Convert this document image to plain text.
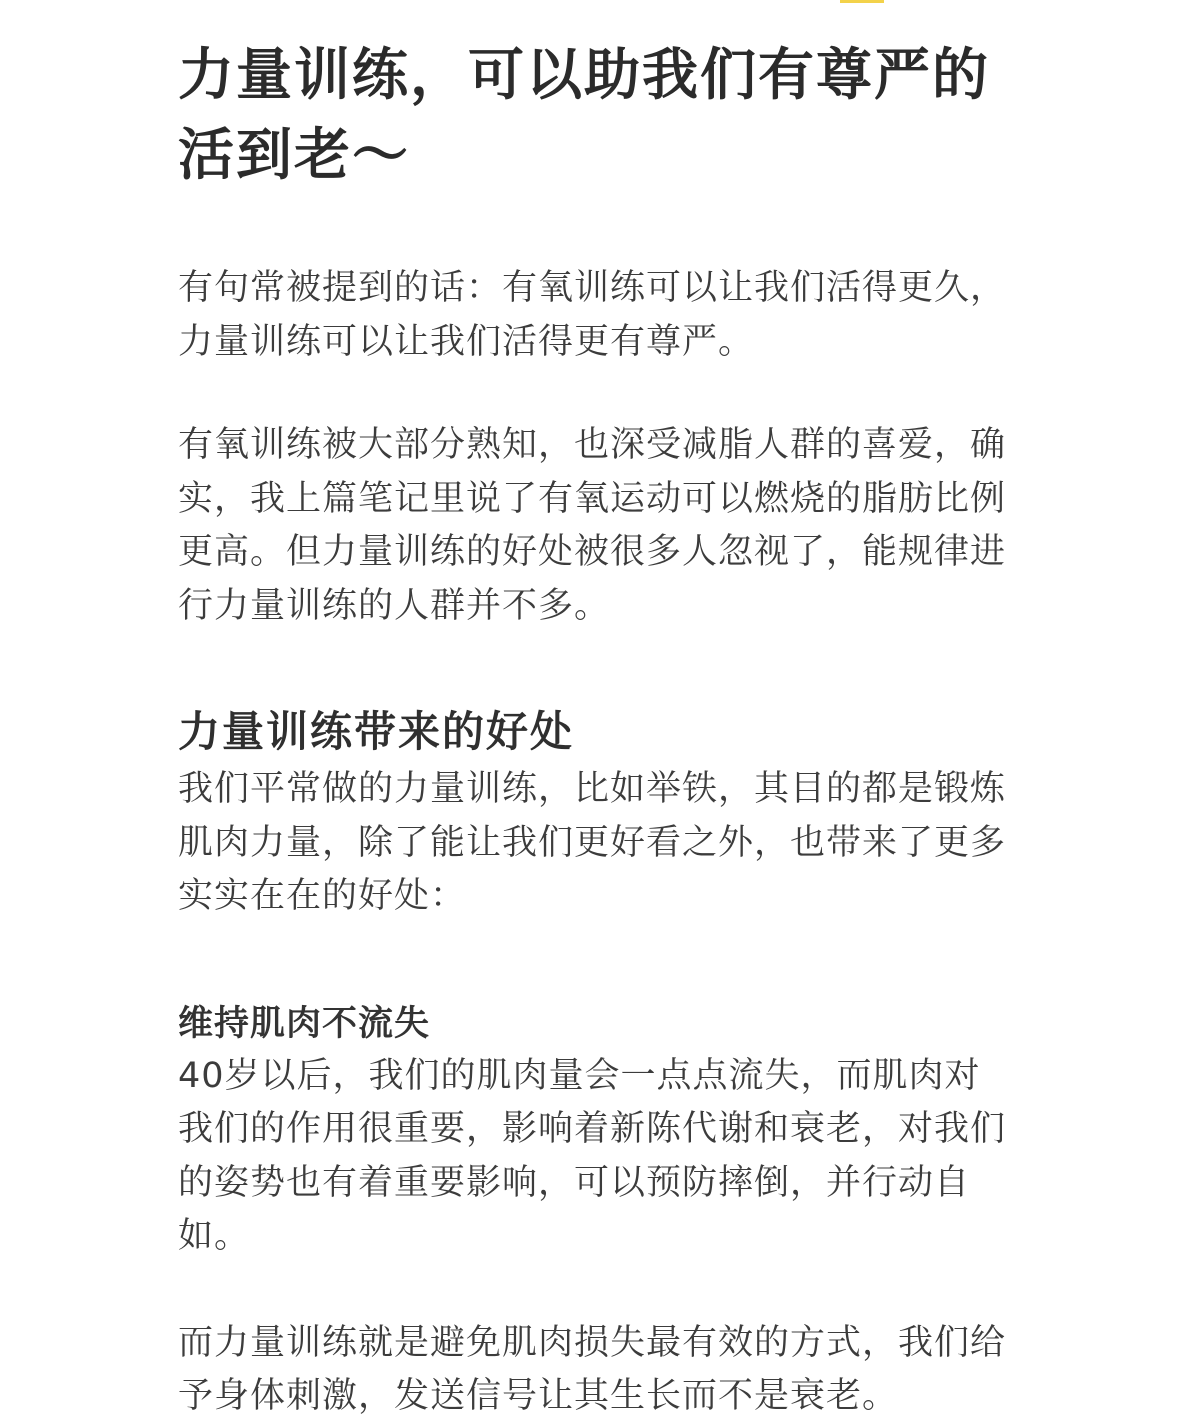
力量训练，可以助我们有尊严的活到老～

有句常被提到的话：有氧训练可以让我们活得更久，力量训练可以让我们活得更有尊严。

有氧训练被大部分熟知，也深受减脂人群的喜爱，确实，我上篇笔记里说了有氧运动可以燃烧的脂肪比例更高。但力量训练的好处被很多人忽视了，能规律进行力量训练的人群并不多。

力量训练带来的好处

我们平常做的力量训练，比如举铁，其目的都是锻炼肌肉力量，除了能让我们更好看之外，也带来了更多实实在在的好处：

维持肌肉不流失

40岁以后，我们的肌肉量会一点点流失，而肌肉对我们的作用很重要，影响着新陈代谢和衰老，对我们的姿势也有着重要影响，可以预防摔倒，并行动自如。

而力量训练就是避免肌肉损失最有效的方式，我们给予身体刺激，发送信号让其生长而不是衰老。
